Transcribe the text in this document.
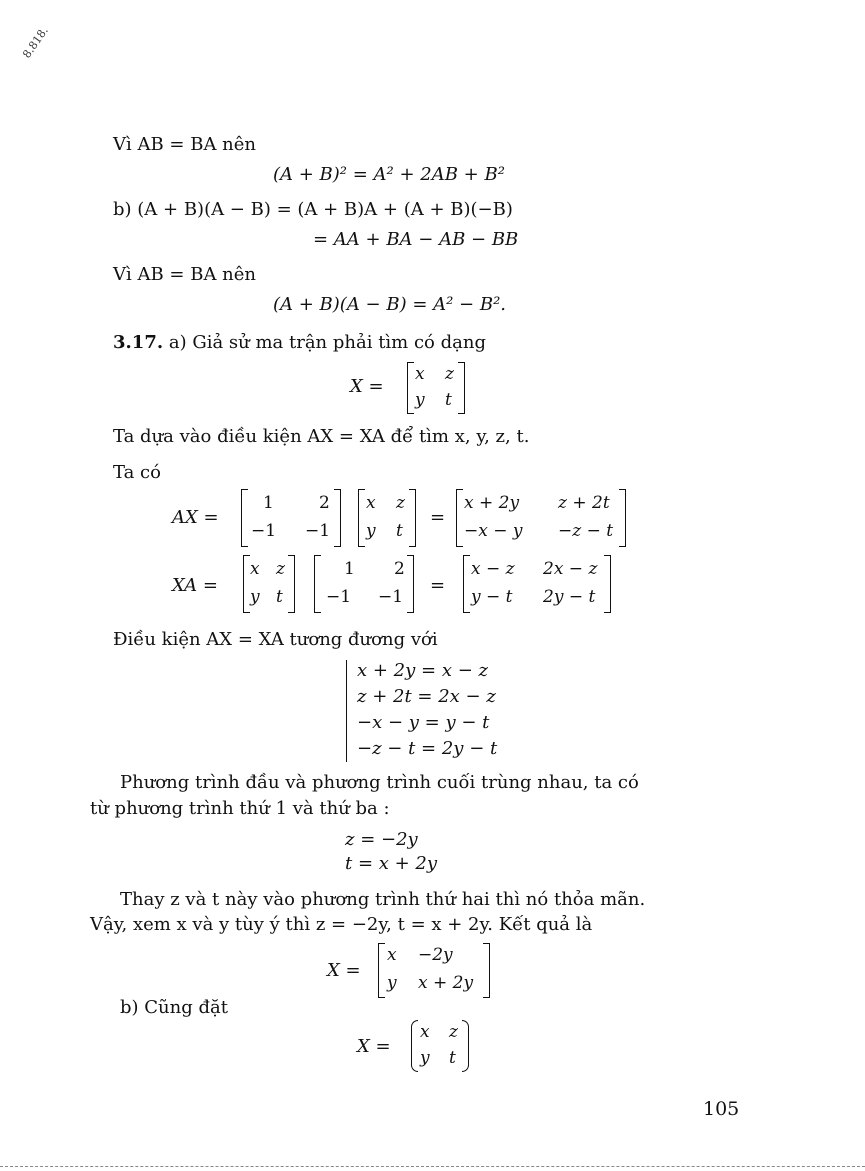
8.818.
Vì AB = BA nên
(A + B)² = A² + 2AB + B²
b) (A + B)(A − B) = (A + B)A + (A + B)(−B)
= AA + BA − AB − BB
Vì AB = BA nên
(A + B)(A − B) = A² − B².
3.17. a) Giả sử ma trận phải tìm có dạng
X =
x z
y t
Ta dựa vào điều kiện AX = XA để tìm x, y, z, t.
Ta có
AX =
1	2
−1 −1
x z
y t
=
x + 2y z + 2t
−x − y −z − t
XA =
x z
y t
1 2
−1 −1
=
x − z 2x − z
y − t 2y − t
Điều kiện AX = XA tương đương với
x + 2y = x − z
z + 2t = 2x − z
−x − y = y − t
−z − t = 2y − t
Phương trình đầu và phương trình cuối trùng nhau, ta có
từ phương trình thứ 1 và thứ ba :
z = −2y
t = x + 2y
Thay z và t này vào phương trình thứ hai thì nó thỏa mãn.
Vậy, xem x và y tùy ý thì z = −2y, t = x + 2y. Kết quả là
X =
x −2y
y x + 2y
b) Cũng đặt
X =
x z
y t
105
